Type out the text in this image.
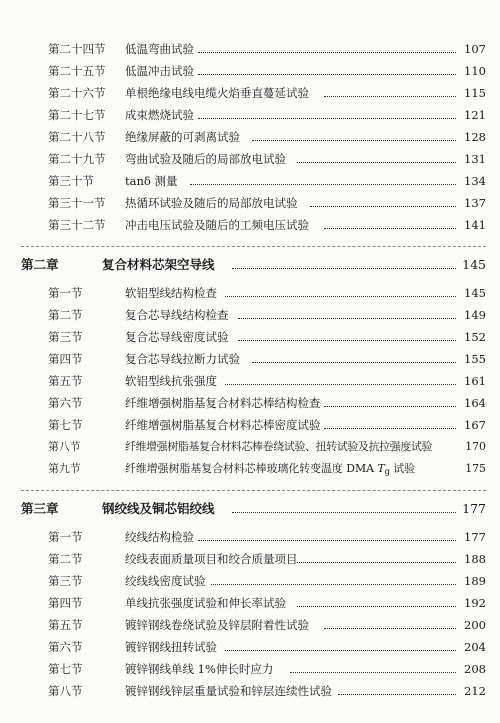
第二十四节 低温弯曲试验	107
第二十五节 低温冲击试验	110
第二十六节 单根绝缘电线电缆火焰垂直蔓延试验	115
第二十七节 成束燃烧试验	121
第二十八节 绝缘屏蔽的可剥离试验	128
第二十九节 弯曲试验及随后的局部放电试验	131
第三十节	tanδ 测量	134
第三十一节 热循环试验及随后的局部放电试验	137
第三十二节 冲击电压试验及随后的工频电压试验	141
第二章	复合材料芯架空导线	145
第一节	软铝型线结构检查	145
第二节	复合芯导线结构检查	149
第三节	复合芯导线密度试验	152
第四节	复合芯导线拉断力试验	155
第五节	软铝型线抗张强度	161
第六节	纤维增强树脂基复合材料芯棒结构检查	164
第七节	纤维增强树脂基复合材料芯棒密度试验	167
第八节	纤维增强树脂基复合材料芯棒卷绕试验、扭转试验及抗拉强度试验	170
第九节	纤维增强树脂基复合材料芯棒玻璃化转变温度 DMA $T_g$ 试验	175
第三章	钢绞线及铜芯铝绞线	177
第一节	绞线结构检验	177
第二节	绞线表面质量项目和绞合质量项目	188
第三节	绞线线密度试验	189
第四节	单线抗张强度试验和伸长率试验	192
第五节	镀锌钢线卷绕试验及锌层附着性试验	200
第六节	镀锌钢线扭转试验	204
第七节	镀锌钢线单线 1%伸长时应力	208
第八节	镀锌钢线锌层重量试验和锌层连续性试验	212
